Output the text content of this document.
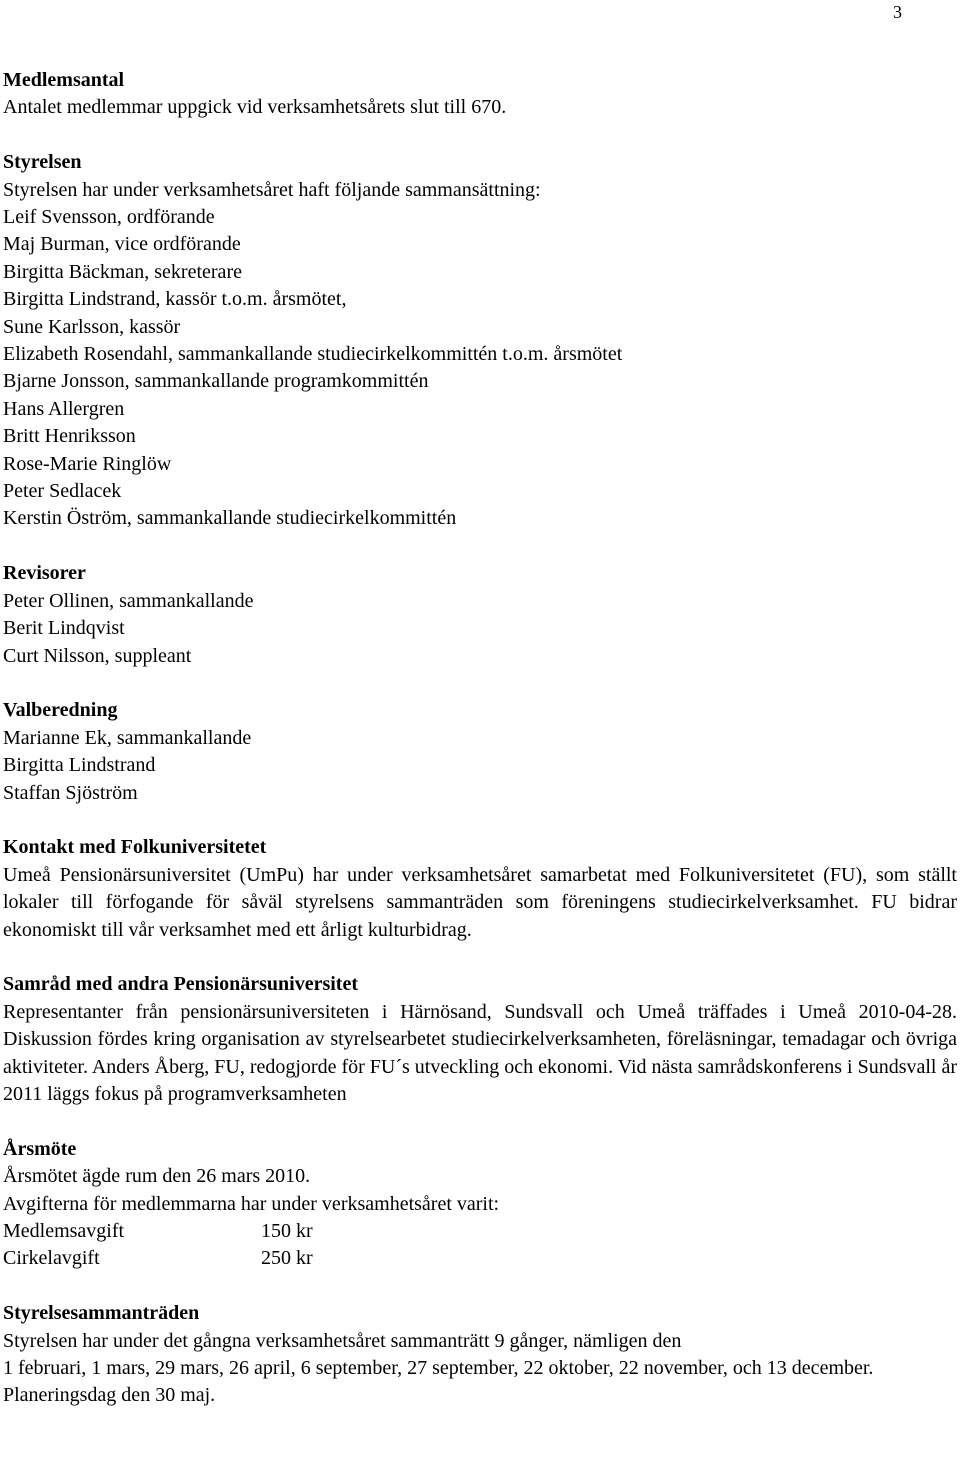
3
Medlemsantal
Antalet medlemmar uppgick vid verksamhetsårets slut till 670.
Styrelsen
Styrelsen har under verksamhetsåret haft följande sammansättning:
Leif Svensson, ordförande
Maj Burman, vice ordförande
Birgitta Bäckman, sekreterare
Birgitta Lindstrand, kassör t.o.m. årsmötet,
Sune Karlsson, kassör
Elizabeth Rosendahl, sammankallande studiecirkelkommittén t.o.m. årsmötet
Bjarne Jonsson, sammankallande programkommittén
Hans Allergren
Britt Henriksson
Rose-Marie Ringlöw
Peter Sedlacek
Kerstin Öström, sammankallande studiecirkelkommittén
Revisorer
Peter Ollinen, sammankallande
Berit Lindqvist
Curt Nilsson, suppleant
Valberedning
Marianne Ek, sammankallande
Birgitta Lindstrand
Staffan Sjöström
Kontakt med Folkuniversitetet
Umeå Pensionärsuniversitet (UmPu) har under verksamhetsåret samarbetat med Folkuniversitetet (FU), som ställt lokaler till förfogande för såväl styrelsens sammanträden som föreningens studiecirkelverksamhet. FU bidrar ekonomiskt till vår verksamhet med ett årligt kulturbidrag.
Samråd med andra Pensionärsuniversitet
Representanter från pensionärsuniversiteten i Härnösand, Sundsvall och Umeå träffades i Umeå 2010-04-28. Diskussion fördes kring organisation av styrelsearbetet studiecirkelverksamheten, föreläsningar, temadagar och övriga aktiviteter. Anders Åberg, FU, redogjorde för FU´s utveckling och ekonomi. Vid nästa samrådskonferens i Sundsvall år 2011 läggs fokus på programverksamheten
Årsmöte
Årsmötet ägde rum den 26 mars 2010.
Avgifterna för medlemmarna har under verksamhetsåret varit:
Medlemsavgift	150 kr
Cirkelavgift	250 kr
Styrelsesammanträden
Styrelsen har under det gångna verksamhetsåret sammanträtt 9 gånger, nämligen den
1 februari, 1 mars, 29 mars, 26 april, 6 september, 27 september, 22 oktober, 22 november, och 13 december.
Planeringsdag den 30 maj.
